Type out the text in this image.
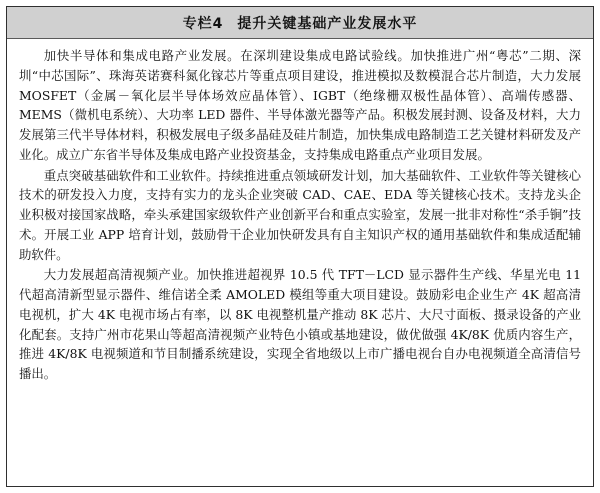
专栏4 提升关键基础产业发展水平

加快半导体和集成电路产业发展。在深圳建设集成电路试验线。加快推进广州“粤芯”二期、深圳“中芯国际”、珠海英诺赛科氮化镓芯片等重点项目建设，推进模拟及数模混合芯片制造，大力发展 MOSFET（金属－氧化层半导体场效应晶体管）、IGBT（绝缘栅双极性晶体管）、高端传感器、MEMS（微机电系统）、大功率 LED 器件、半导体激光器等产品。积极发展封测、设备及材料，大力发展第三代半导体材料，积极发展电子级多晶硅及硅片制造，加快集成电路制造工艺关键材料研发及产业化。成立广东省半导体及集成电路产业投资基金，支持集成电路重点产业项目发展。

重点突破基础软件和工业软件。持续推进重点领域研发计划，加大基础软件、工业软件等关键核心技术的研发投入力度，支持有实力的龙头企业突破 CAD、CAE、EDA 等关键核心技术。支持龙头企业积极对接国家战略，牵头承建国家级软件产业创新平台和重点实验室，发展一批非对称性“杀手锏”技术。开展工业 APP 培育计划，鼓励骨干企业加快研发具有自主知识产权的通用基础软件和集成适配辅助软件。

大力发展超高清视频产业。加快推进超视界 10.5 代 TFT－LCD 显示器件生产线、华星光电 11 代超高清新型显示器件、维信诺全柔 AMOLED 模组等重大项目建设。鼓励彩电企业生产 4K 超高清电视机，扩大 4K 电视市场占有率，以 8K 电视整机量产推动 8K 芯片、大尺寸面板、摄录设备的产业化配套。支持广州市花果山等超高清视频产业特色小镇或基地建设，做优做强 4K/8K 优质内容生产，推进 4K/8K 电视频道和节目制播系统建设，实现全省地级以上市广播电视台自办电视频道全高清信号播出。
